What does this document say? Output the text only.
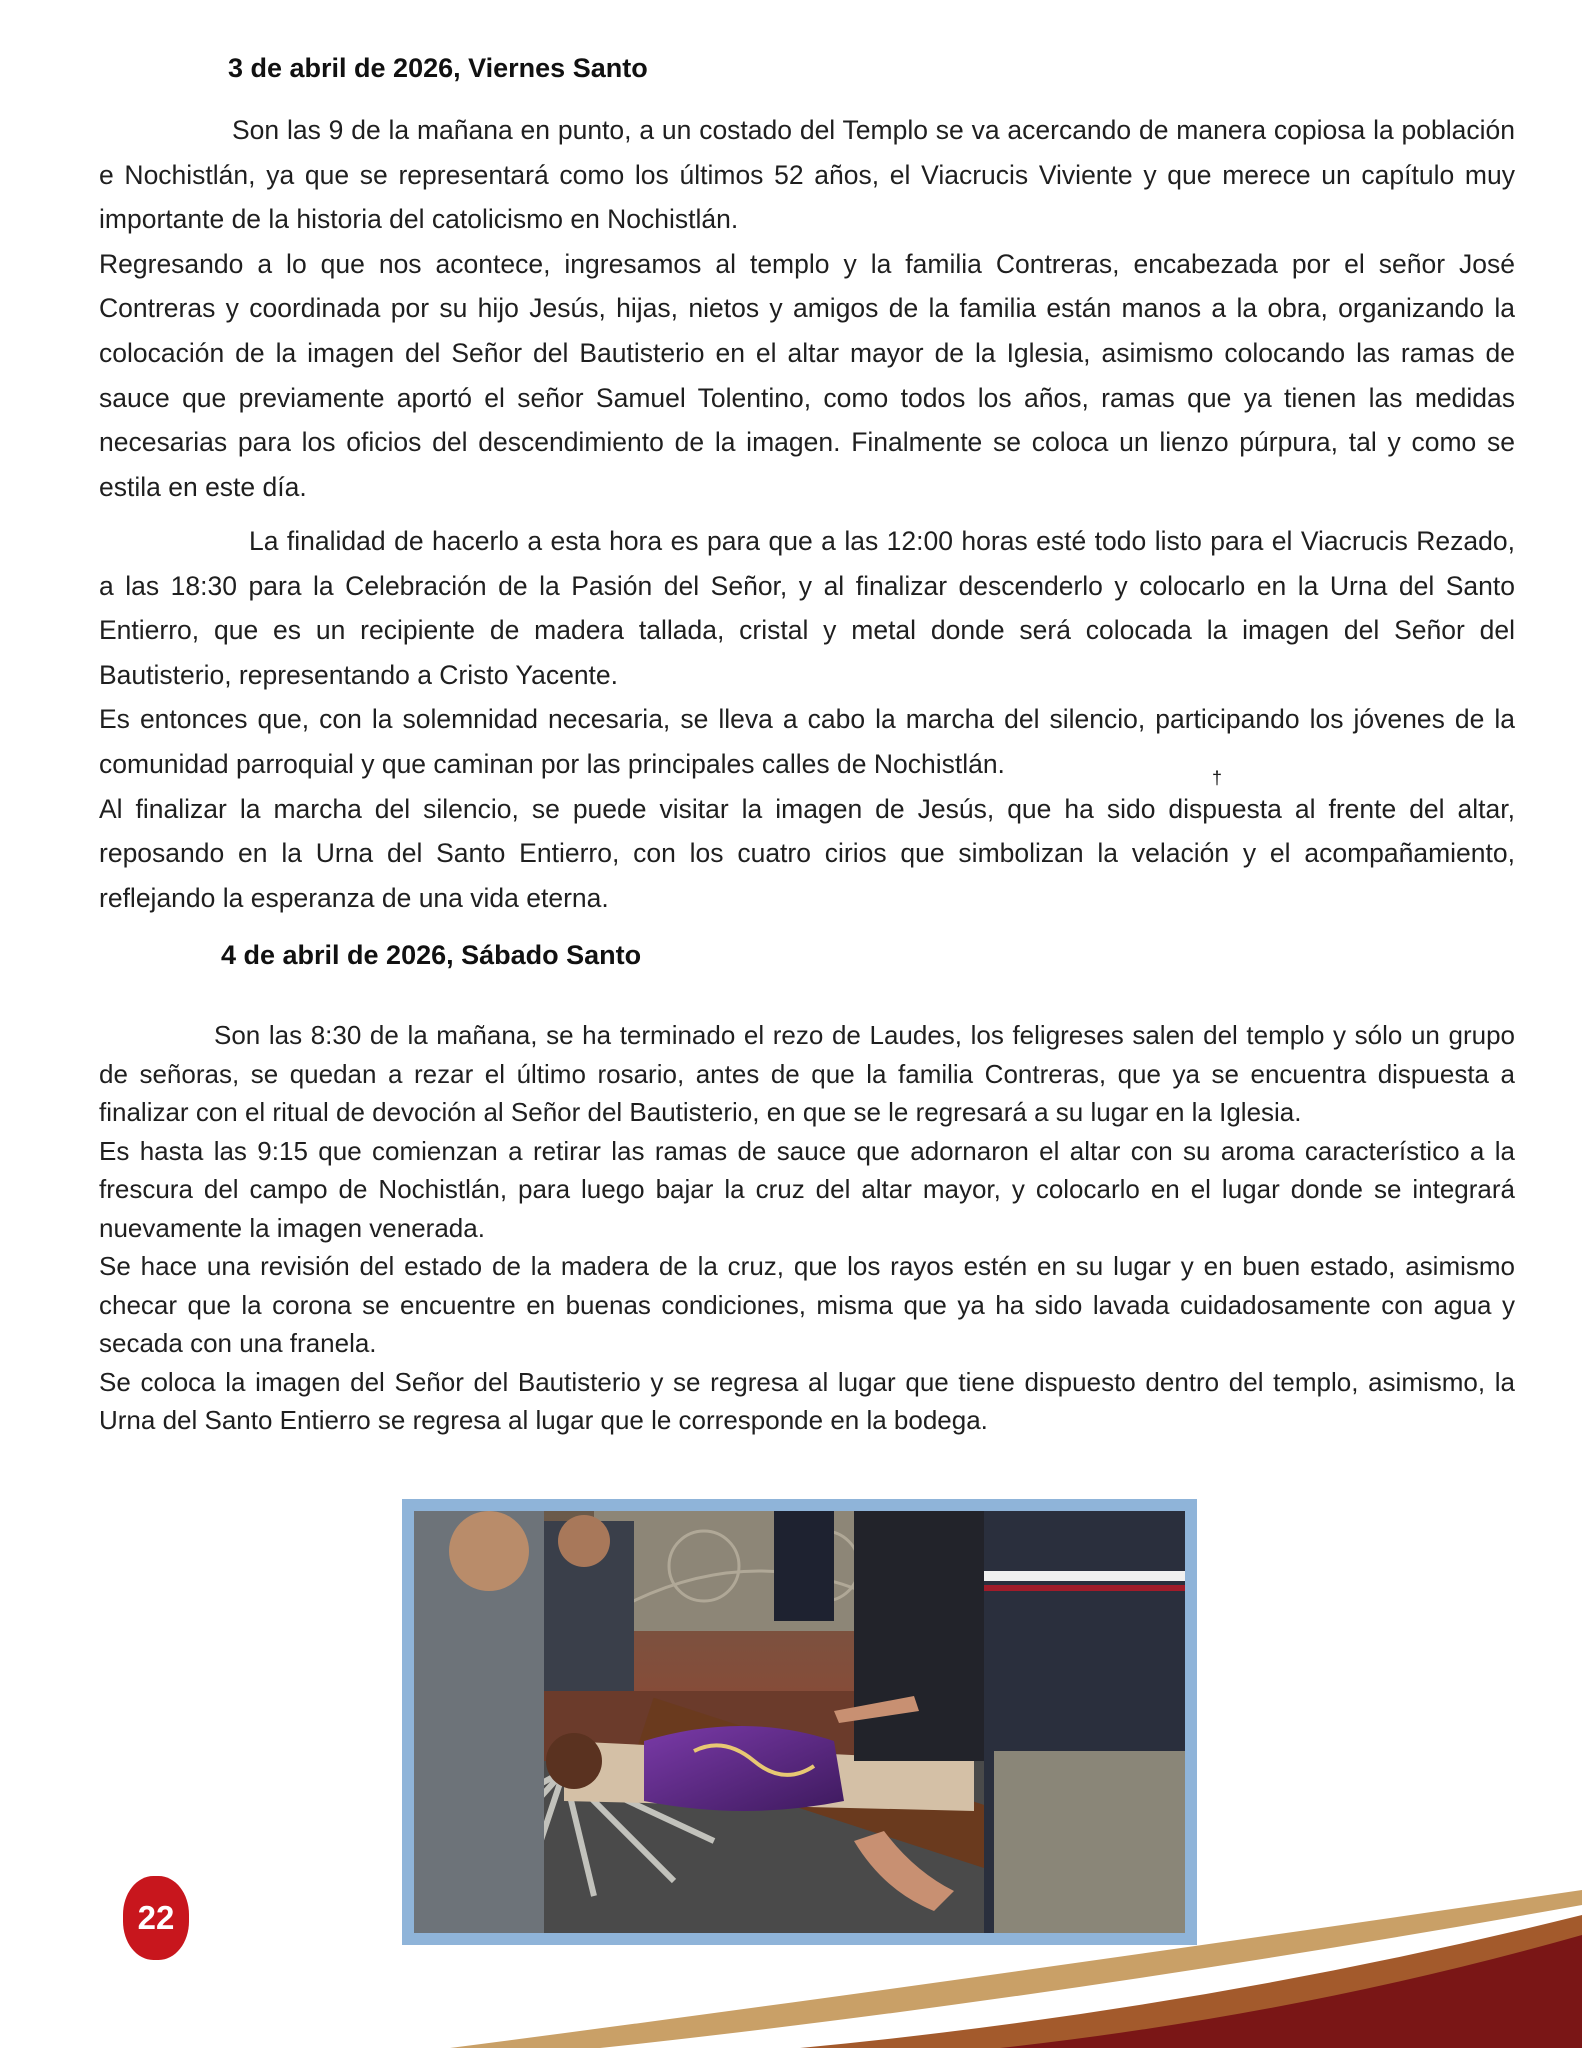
3 de abril de 2026, Viernes Santo

Son las 9 de la mañana en punto, a un costado del Templo se va acercando de manera copiosa la población e Nochistlán, ya que se representará como los últimos 52 años, el Viacrucis Viviente y que merece un capítulo muy importante de la historia del catolicismo en Nochistlán.

Regresando a lo que nos acontece, ingresamos al templo y la familia Contreras, encabezada por el señor José Contreras y coordinada por su hijo Jesús, hijas, nietos y amigos de la familia están manos a la obra, organizando la colocación de la imagen del Señor del Bautisterio en el altar mayor de la Iglesia, asimismo colocando las ramas de sauce que previamente aportó el señor Samuel Tolentino, como todos los años, ramas que ya tienen las medidas necesarias para los oficios del descendimiento de la imagen. Finalmente se coloca un lienzo púrpura, tal y como se estila en este día.

La finalidad de hacerlo a esta hora es para que a las 12:00 horas esté todo listo para el Viacrucis Rezado, a las 18:30 para la Celebración de la Pasión del Señor, y al finalizar descenderlo y colocarlo en la Urna del Santo Entierro, que es un recipiente de madera tallada, cristal y metal donde será colocada la imagen del Señor del Bautisterio, representando a Cristo Yacente.

Es entonces que, con la solemnidad necesaria, se lleva a cabo la marcha del silencio, participando los jóvenes de la comunidad parroquial y que caminan por las principales calles de Nochistlán.

Al finalizar la marcha del silencio, se puede visitar la imagen de Jesús, que ha sido dispuesta al frente del altar, reposando en la Urna del Santo Entierro, con los cuatro cirios que simbolizan la velación y el acompañamiento, reflejando la esperanza de una vida eterna.

†
4 de abril de 2026, Sábado Santo

Son las 8:30 de la mañana, se ha terminado el rezo de Laudes, los feligreses salen del templo y sólo un grupo de señoras, se quedan a rezar el último rosario, antes de que la familia Contreras, que ya se encuentra dispuesta a finalizar con el ritual de devoción al Señor del Bautisterio, en que se le regresará a su lugar en la Iglesia.

Es hasta las 9:15 que comienzan a retirar las ramas de sauce que adornaron el altar con su aroma característico a la frescura del campo de Nochistlán, para luego bajar la cruz del altar mayor, y colocarlo en el lugar donde se integrará nuevamente la imagen venerada.

Se hace una revisión del estado de la madera de la cruz, que los rayos estén en su lugar y en buen estado, asimismo checar que la corona se encuentre en buenas condiciones, misma que ya ha sido lavada cuidadosamente con agua y secada con una franela.

Se coloca la imagen del Señor del Bautisterio y se regresa al lugar que tiene dispuesto dentro del templo, asimismo, la Urna del Santo Entierro se regresa al lugar que le corresponde en la bodega.

22
